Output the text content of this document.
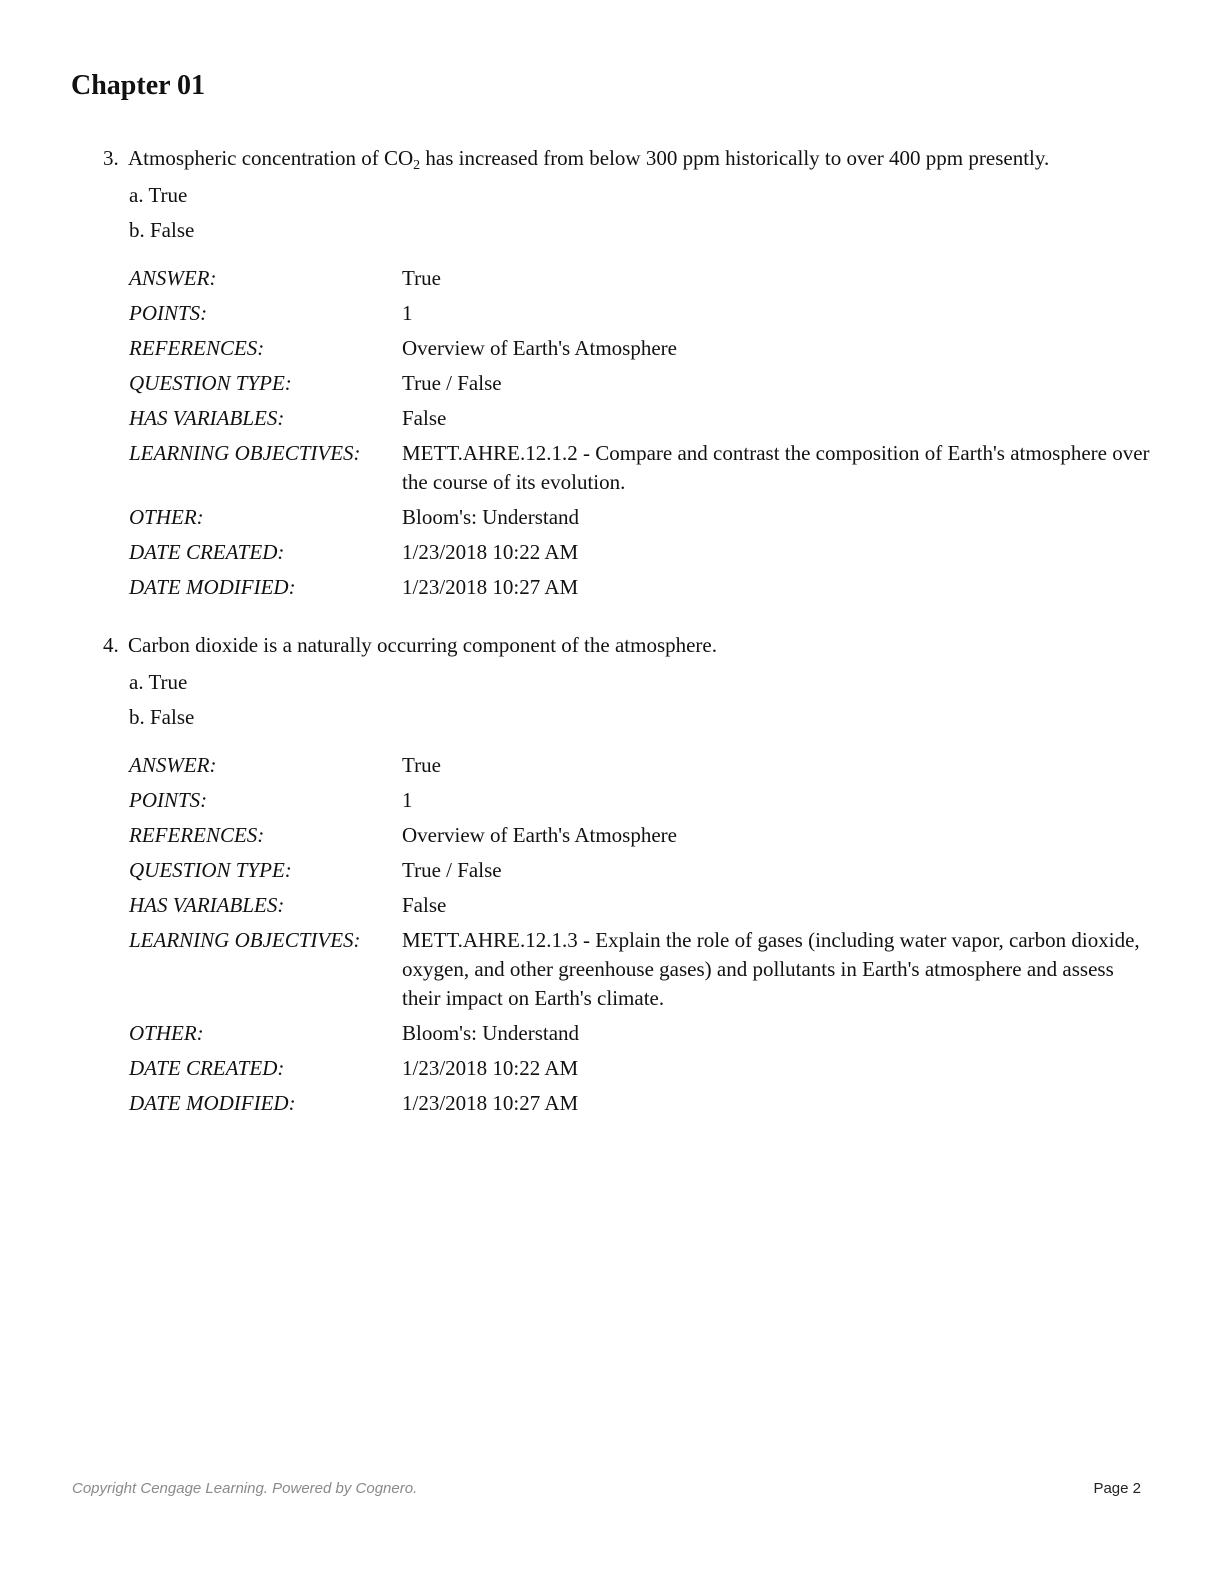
Chapter 01

3. Atmospheric concentration of $CO_2$ has increased from below 300 ppm historically to over 400 ppm presently.

a. True
b. False
ANSWER:	True
POINTS:	1
REFERENCES:	Overview of Earth's Atmosphere
QUESTION TYPE:	True / False
HAS VARIABLES:	False
LEARNING OBJECTIVES:	METT.AHRE.12.1.2 - Compare and contrast the composition of Earth's atmosphere over the course of its evolution.
OTHER:	Bloom's: Understand
DATE CREATED:	1/23/2018 10:22 AM
DATE MODIFIED:	1/23/2018 10:27 AM

4. Carbon dioxide is a naturally occurring component of the atmosphere.

a. True
b. False
ANSWER:	True
POINTS:	1
REFERENCES:	Overview of Earth's Atmosphere
QUESTION TYPE:	True / False
HAS VARIABLES:	False
LEARNING OBJECTIVES:	METT.AHRE.12.1.3 - Explain the role of gases (including water vapor, carbon dioxide, oxygen, and other greenhouse gases) and pollutants in Earth's atmosphere and assess their impact on Earth's climate.
OTHER:	Bloom's: Understand
DATE CREATED:	1/23/2018 10:22 AM
DATE MODIFIED:	1/23/2018 10:27 AM
Copyright Cengage Learning. Powered by Cognero.	Page 2
